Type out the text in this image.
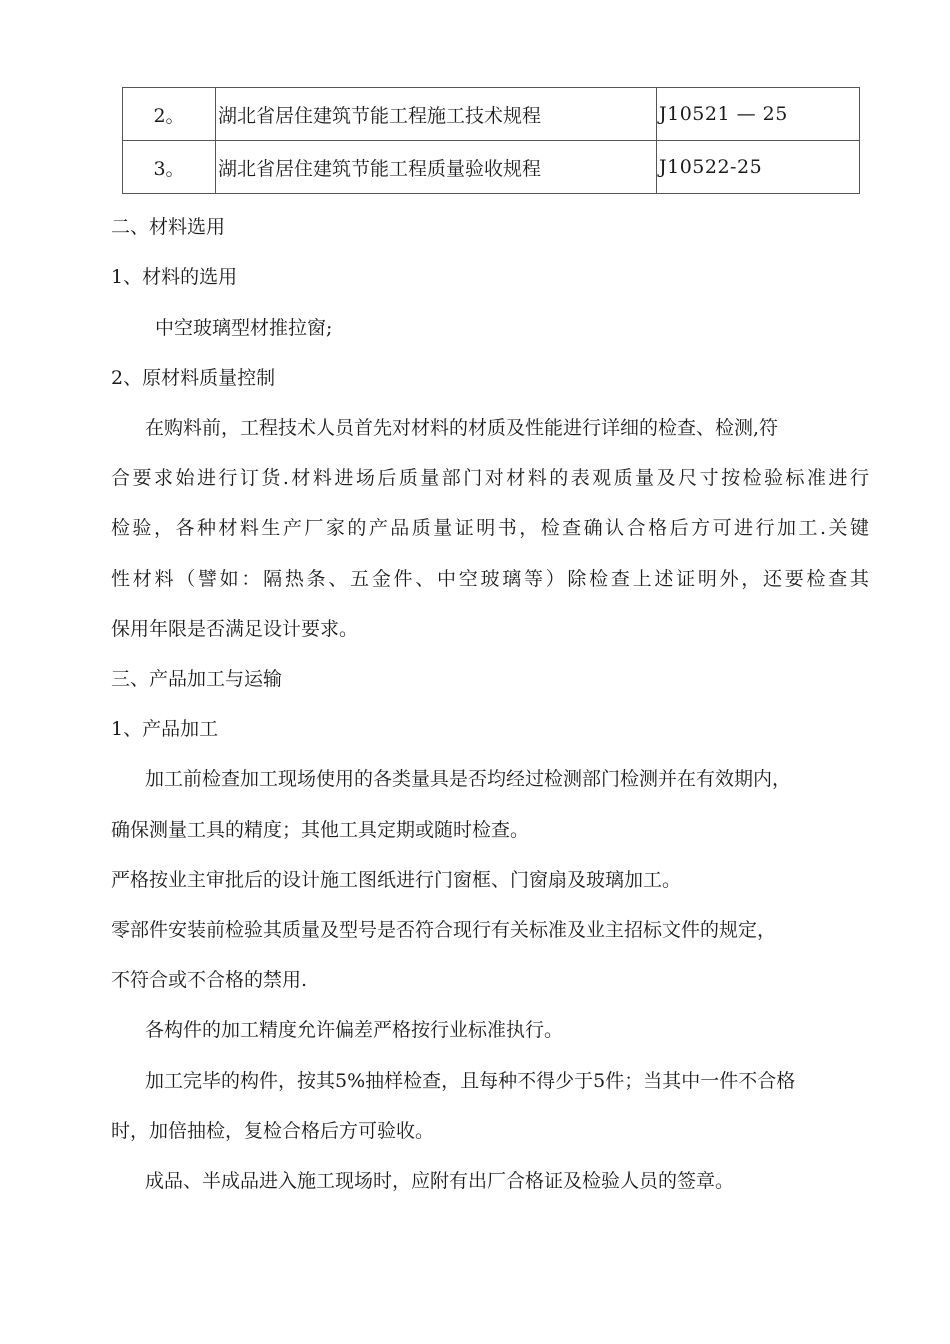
2。	湖北省居住建筑节能工程施工技术规程	J10521 — 25
3。	湖北省居住建筑节能工程质量验收规程	J10522-25

二、材料选用

1、材料的选用

中空玻璃型材推拉窗;

2、原材料质量控制

在购料前，工程技术人员首先对材料的材质及性能进行详细的检查、检测,符

合 要 求 始 进 行 订 货 . 材 料 进 场 后 质 量 部 门 对 材 料 的 表 观 质 量 及 尺 寸 按 检 验 标 准 进 行

检 验 ， 各 种 材 料 生 产 厂 家 的 产 品 质 量 证 明 书 ， 检 查 确 认 合 格 后 方 可 进 行 加 工 . 关 键

性 材 料 （ 譬 如 ： 隔 热 条 、 五 金 件 、 中 空 玻 璃 等 ） 除 检 查 上 述 证 明 外 ， 还 要 检 查 其

保用年限是否满足设计要求。

三、产品加工与运输

1、产品加工

加工前检查加工现场使用的各类量具是否均经过检测部门检测并在有效期内，

确保测量工具的精度；其他工具定期或随时检查。

严格按业主审批后的设计施工图纸进行门窗框、门窗扇及玻璃加工。

零部件安装前检验其质量及型号是否符合现行有关标准及业主招标文件的规定，

不符合或不合格的禁用.

各构件的加工精度允许偏差严格按行业标准执行。

加工完毕的构件，按其5%抽样检查，且每种不得少于5件；当其中一件不合格

时，加倍抽检，复检合格后方可验收。

成品、半成品进入施工现场时，应附有出厂合格证及检验人员的签章。
